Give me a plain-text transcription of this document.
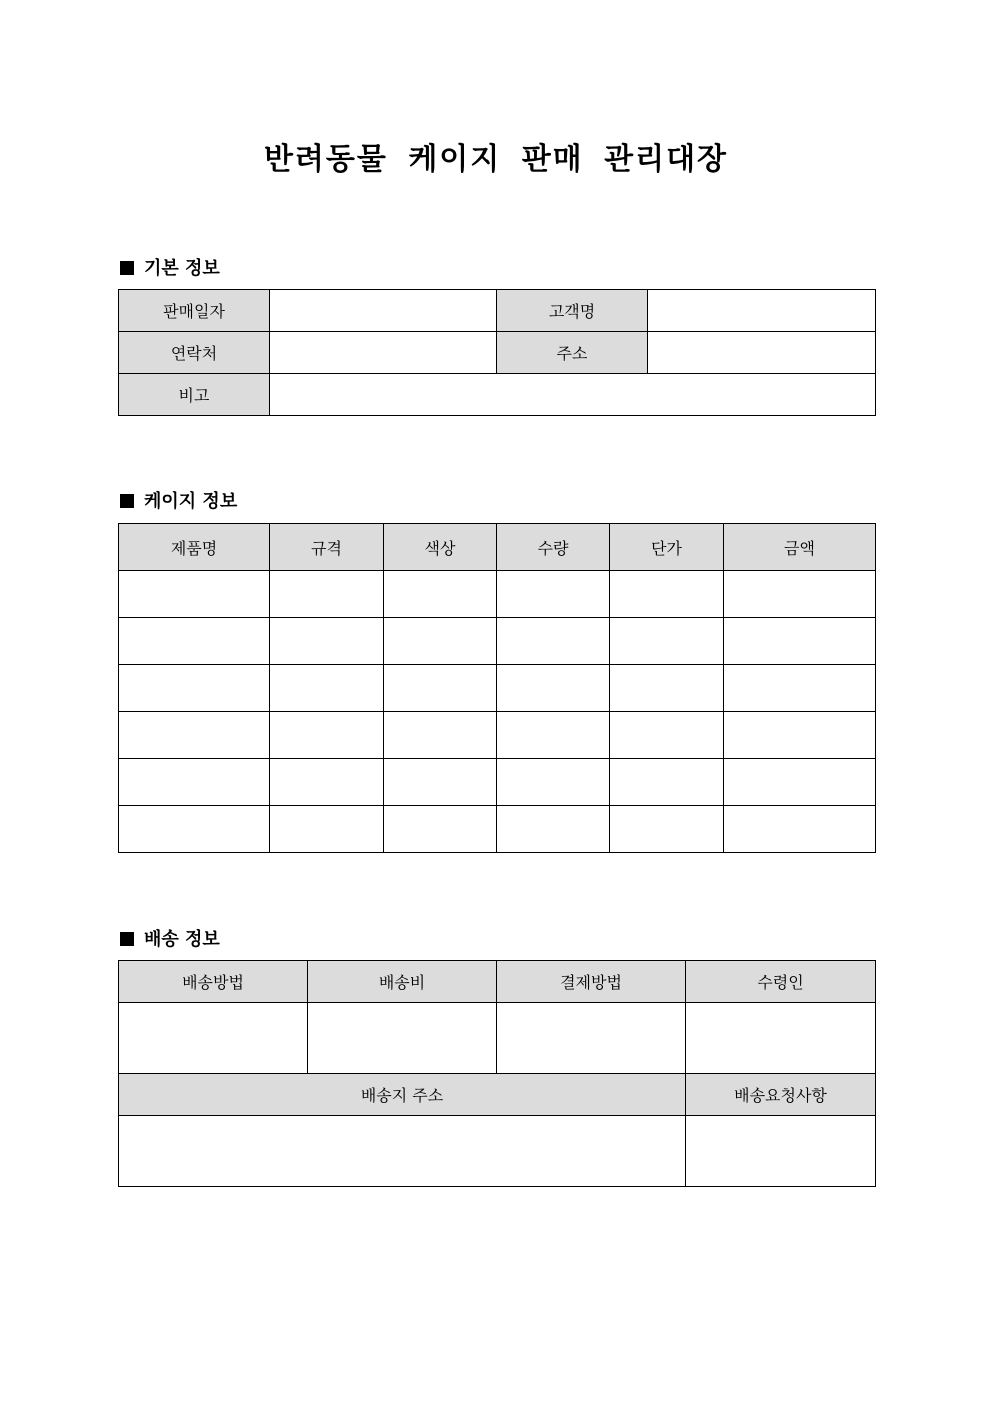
반려동물 케이지 판매 관리대장
기본 정보
판매일자		고객명	
연락처		주소	
비고			
케이지 정보
제품명	규격	색상	수량	단가	금액

배송 정보
배송방법	배송비	결제방법	수령인

배송지 주소			배송요청사항
